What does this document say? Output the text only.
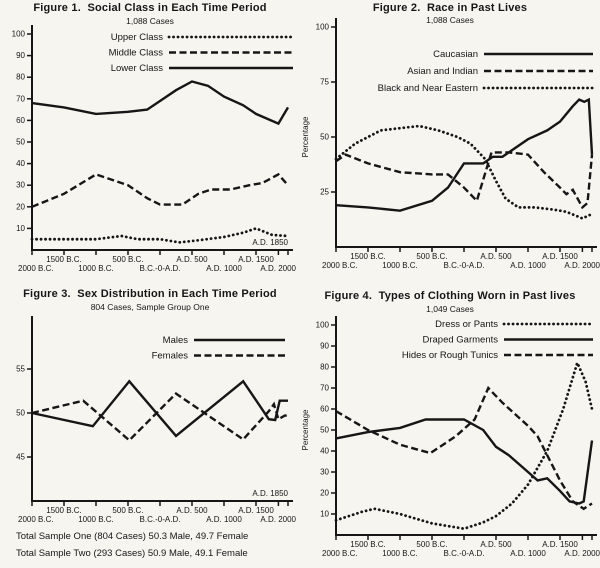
Figure 1.  Social Class in Each Time Period
1,088 Cases
10
20
30
40
50
60
70
80
90
100
2000 B.C.
1500 B.C.
1000 B.C.
500 B.C.
B.C.-0-A.D.
A.D. 500
A.D. 1000
A.D. 1500
A.D. 2000
A.D. 1850
Upper Class
Middle Class
Lower Class
Figure 2.  Race in Past Lives
1,088 Cases
25
50
75
100
2000 B.C.
1500 B.C.
1000 B.C.
500 B.C.
B.C.-0-A.D.
A.D. 500
A.D. 1000
A.D. 1500
A.D. 2000
Percentage
Caucasian
Asian and Indian
Black and Near Eastern
Figure 3.  Sex Distribution in Each Time Period
804 Cases, Sample Group One
45
50
55
2000 B.C.
1500 B.C.
1000 B.C.
500 B.C.
B.C.-0-A.D.
A.D. 500
A.D. 1000
A.D. 1500
A.D. 2000
A.D. 1850
Males
Females
Total Sample One (804 Cases) 50.3 Male, 49.7 Female
Total Sample Two (293 Cases) 50.9 Male, 49.1 Female
Figure 4.  Types of Clothing Worn in Past lives
1,049 Cases
10
20
30
40
50
60
70
80
90
100
2000 B.C.
1500 B.C.
1000 B.C.
500 B.C.
B.C.-0-A.D.
A.D. 500
A.D. 1000
A.D. 1500
A.D. 2000
Percentage
Dress or Pants
Draped Garments
Hides or Rough Tunics
